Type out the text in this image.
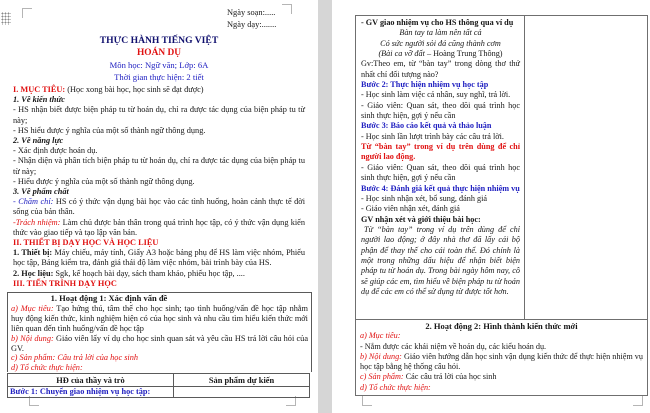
Ngày soạn:.....
Ngày dạy:.......
THỰC HÀNH TIẾNG VIỆT
HOÁN DỤ
Môn học: Ngữ văn; Lớp: 6A
Thời gian thực hiện: 2 tiết

I. MỤC TIÊU: (Học xong bài học, học sinh sẽ đạt được)

1. Về kiến thức

- HS nhận biết được biện pháp tu từ hoán dụ, chỉ ra được tác dụng của biện pháp tu từ này;

- HS hiểu được ý nghĩa của một số thành ngữ thông dụng.

2. Về năng lực

- Xác định được hoán dụ.

- Nhận diện và phân tích biện pháp tu từ hoán dụ, chỉ ra được tác dụng của biện pháp tu từ này;

- Hiểu được ý nghĩa của một số thành ngữ thông dụng.

3. Về phẩm chất

- Chăm chỉ: HS có ý thức vận dụng bài học vào các tình huống, hoàn cảnh thực tế đời sống của bản thân.

-Trách nhiệm: Làm chủ được bản thân trong quá trình học tập, có ý thức vận dụng kiến thức vào giao tiếp và tạo lập văn bản.

II. THIẾT BỊ DẠY HỌC VÀ HỌC LIỆU

1. Thiết bị: Máy chiếu, máy tính, Giấy A3 hoặc bảng phụ để HS làm việc nhóm, Phiếu học tập, Bảng kiểm tra, đánh giá thái độ làm việc nhóm, bài trình bày của HS.

2. Học liệu: Sgk, kế hoạch bài dạy, sách tham khảo, phiếu học tập, ....

III. TIẾN TRÌNH DẠY HỌC

1. Hoạt động 1: Xác định vấn đề

a) Mục tiêu: Tạo hứng thú, tâm thế cho học sinh; tạo tình huống/vấn đề học tập nhằm huy động kiến thức, kinh nghiệm hiện có của học sinh và nhu cầu tìm hiểu kiến thức mới liên quan đến tình huống/vấn đề học tập

b) Nội dung: Giáo viên lấy ví dụ cho học sinh quan sát và yêu cầu HS trả lời câu hỏi của GV.

c) Sản phẩm: Câu trả lời của học sinh

d) Tổ chức thực hiện:

HĐ của thầy và trò	Sản phẩm dự kiến
Bước 1: Chuyển giao nhiệm vụ học tập:

- GV giao nhiệm vụ cho HS thông qua ví dụ

Bàn tay ta làm nên tất cả

Có sức người sỏi đá cũng thành cơm

(Bài ca vỡ đất – Hoàng Trung Thông)

Gv:Theo em, từ “bàn tay” trong dòng thơ thứ nhất chỉ đối tượng nào?

Bước 2: Thực hiện nhiệm vụ học tập

- Học sinh làm việc cá nhân, suy nghĩ, trả lời.

- Giáo viên: Quan sát, theo dõi quá trình học sinh thực hiện, gợi ý nếu cần

Bước 3: Báo cáo kết quả và thảo luận

- Học sinh lần lượt trình bày các câu trả lời.

Từ “bàn tay” trong ví dụ trên dùng để chỉ người lao động.

- Giáo viên: Quan sát, theo dõi quá trình học sinh thực hiện, gợi ý nếu cần

Bước 4: Đánh giá kết quả thực hiện nhiệm vụ

- Học sinh nhận xét, bổ sung, đánh giá

- Giáo viên nhận xét, đánh giá

GV nhận xét và giới thiệu bài học:

Từ “bàn tay” trong ví dụ trên dùng để chỉ người lao động; ở đây nhà thơ đã lấy cái bộ phận để thay thế cho cái toàn thể. Đó chính là một trong những dấu hiệu để nhận biết biện pháp tu từ hoán dụ. Trong bài ngày hôm nay, cô sẽ giúp các em, tìm hiểu về biện pháp tu từ hoán dụ để các em có thể sử dụng từ được tốt hơn.

2. Hoạt động 2: Hình thành kiến thức mới

a) Mục tiêu:

- Nắm được các khái niệm về hoán dụ, các kiểu hoán dụ.

b) Nội dung: Giáo viên hướng dẫn học sinh vận dụng kiến thức để thực hiện nhiệm vụ học tập bằng hệ thống câu hỏi.

c) Sản phẩm: Các câu trả lời của học sinh

d) Tổ chức thực hiện:
